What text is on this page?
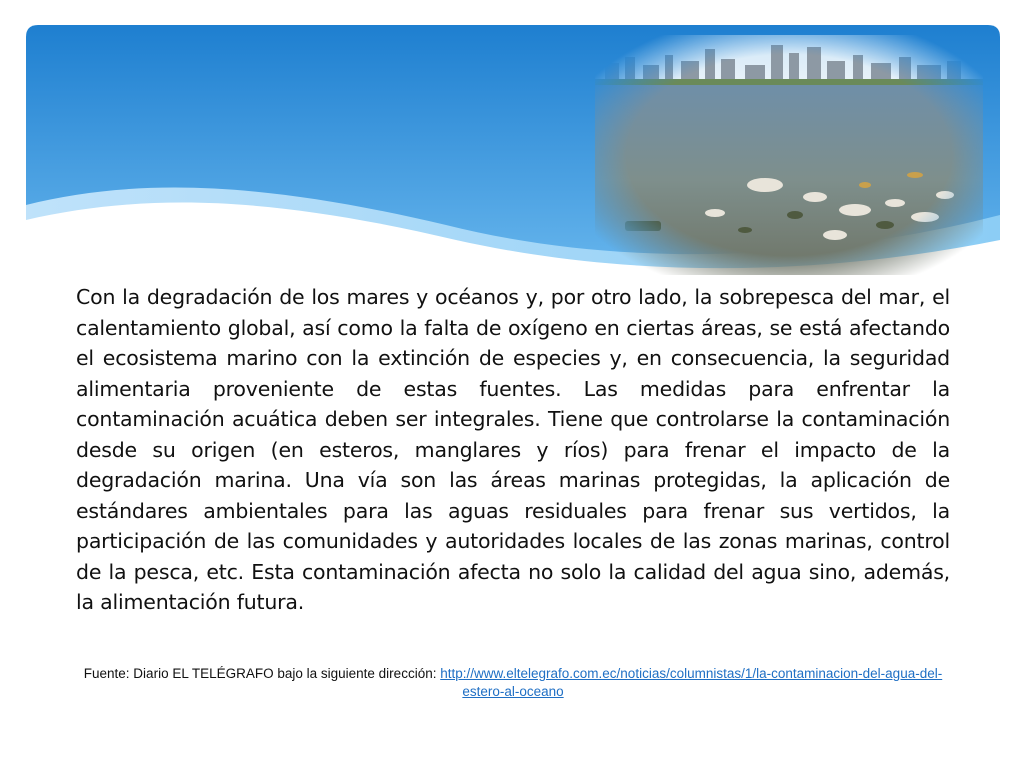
Con la degradación de los mares y océanos y, por otro lado, la sobrepesca del mar, el calentamiento global, así como la falta de oxígeno en ciertas áreas, se está afectando el ecosistema marino con la extinción de especies y, en consecuencia, la seguridad alimentaria proveniente de estas fuentes. Las medidas para enfrentar la contaminación acuática deben ser integrales. Tiene que controlarse la contaminación desde su origen (en esteros, manglares y ríos) para frenar el impacto de la degradación marina. Una vía son las áreas marinas protegidas, la aplicación de estándares ambientales para las aguas residuales para frenar sus vertidos, la participación de las comunidades y autoridades locales de las zonas marinas, control de la pesca, etc. Esta contaminación afecta no solo la calidad del agua sino, además, la alimentación futura.

Fuente: Diario EL TELÉGRAFO bajo la siguiente dirección: http://www.eltelegrafo.com.ec/noticias/columnistas/1/la-contaminacion-del-agua-del-estero-al-oceano
